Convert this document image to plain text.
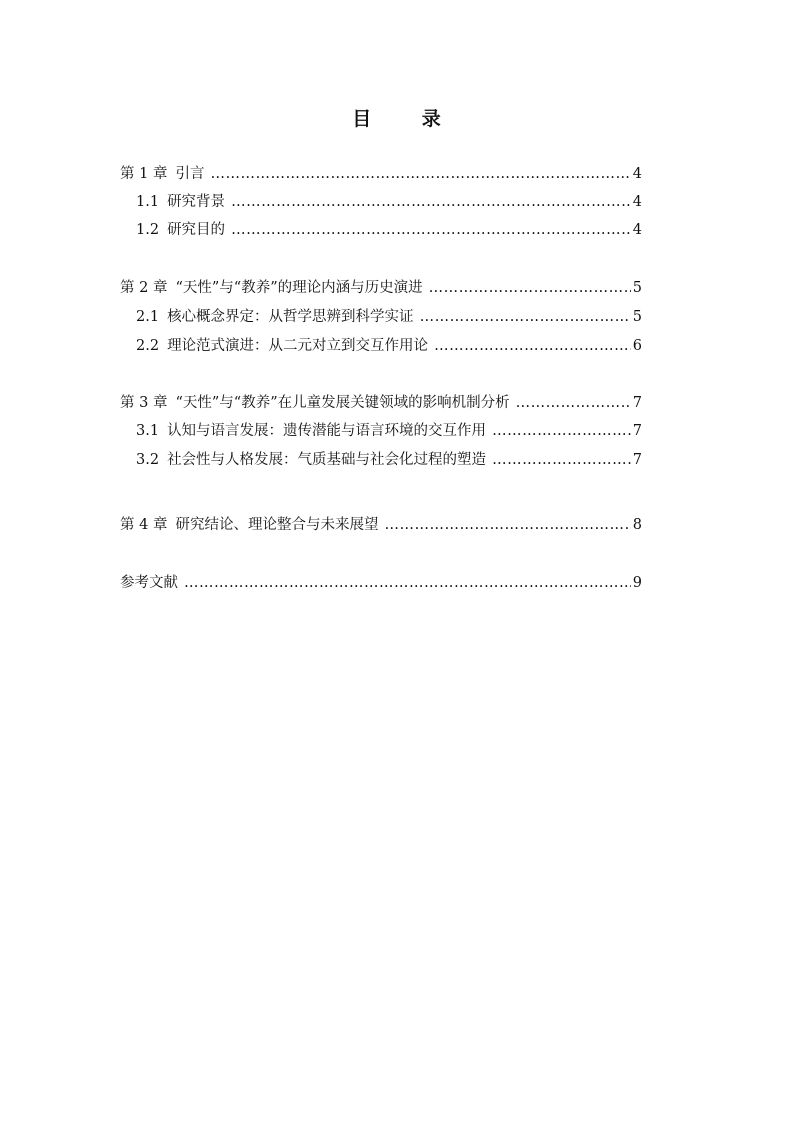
目 录
第 1 章 引言 ……………………………………………………………………………………………………………………………………………………………………………………………	4
1.1 研究背景 ……………………………………………………………………………………………………………………………………………………………………………………………	4
1.2 研究目的 ……………………………………………………………………………………………………………………………………………………………………………………………	4
第 2 章 “天性”与“教养”的理论内涵与历史演进 ……………………………………………………………………………………………………………………………………………………………………………………………	5
2.1 核心概念界定：从哲学思辨到科学实证 ……………………………………………………………………………………………………………………………………………………………………………………………	5
2.2 理论范式演进：从二元对立到交互作用论 ……………………………………………………………………………………………………………………………………………………………………………………………	6
第 3 章 “天性”与“教养”在儿童发展关键领域的影响机制分析 ……………………………………………………………………………………………………………………………………………………………………………………………	7
3.1 认知与语言发展：遗传潜能与语言环境的交互作用 ……………………………………………………………………………………………………………………………………………………………………………………………	7
3.2 社会性与人格发展：气质基础与社会化过程的塑造 ……………………………………………………………………………………………………………………………………………………………………………………………	7
第 4 章 研究结论、理论整合与未来展望 ……………………………………………………………………………………………………………………………………………………………………………………………	8
参考文献 ……………………………………………………………………………………………………………………………………………………………………………………………	9
